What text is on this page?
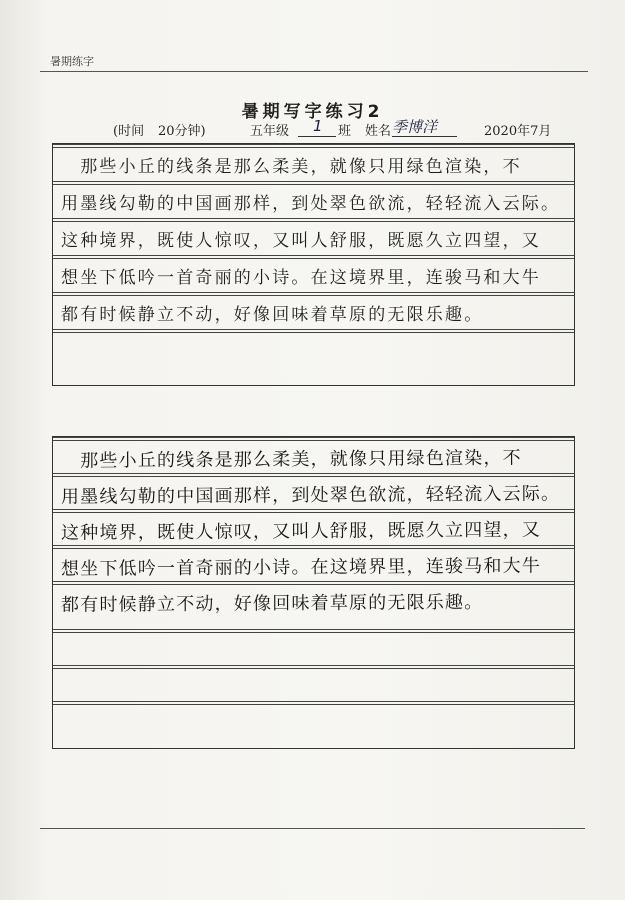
暑期练字
暑期写字练习2
(时间 20分钟)	五年级 1 班 姓名 季博洋	2020年7月
　那些小丘的线条是那么柔美，就像只用绿色渲染，不
用墨线勾勒的中国画那样，到处翠色欲流，轻轻流入云际。
这种境界，既使人惊叹，又叫人舒服，既愿久立四望，又
想坐下低吟一首奇丽的小诗。在这境界里，连骏马和大牛
都有时候静立不动，好像回味着草原的无限乐趣。
　那些小丘的线条是那么柔美，就像只用绿色渲染，不
用墨线勾勒的中国画那样，到处翠色欲流，轻轻流入云际。
这种境界，既使人惊叹，又叫人舒服，既愿久立四望，又
想坐下低吟一首奇丽的小诗。在这境界里，连骏马和大牛
都有时候静立不动，好像回味着草原的无限乐趣。
